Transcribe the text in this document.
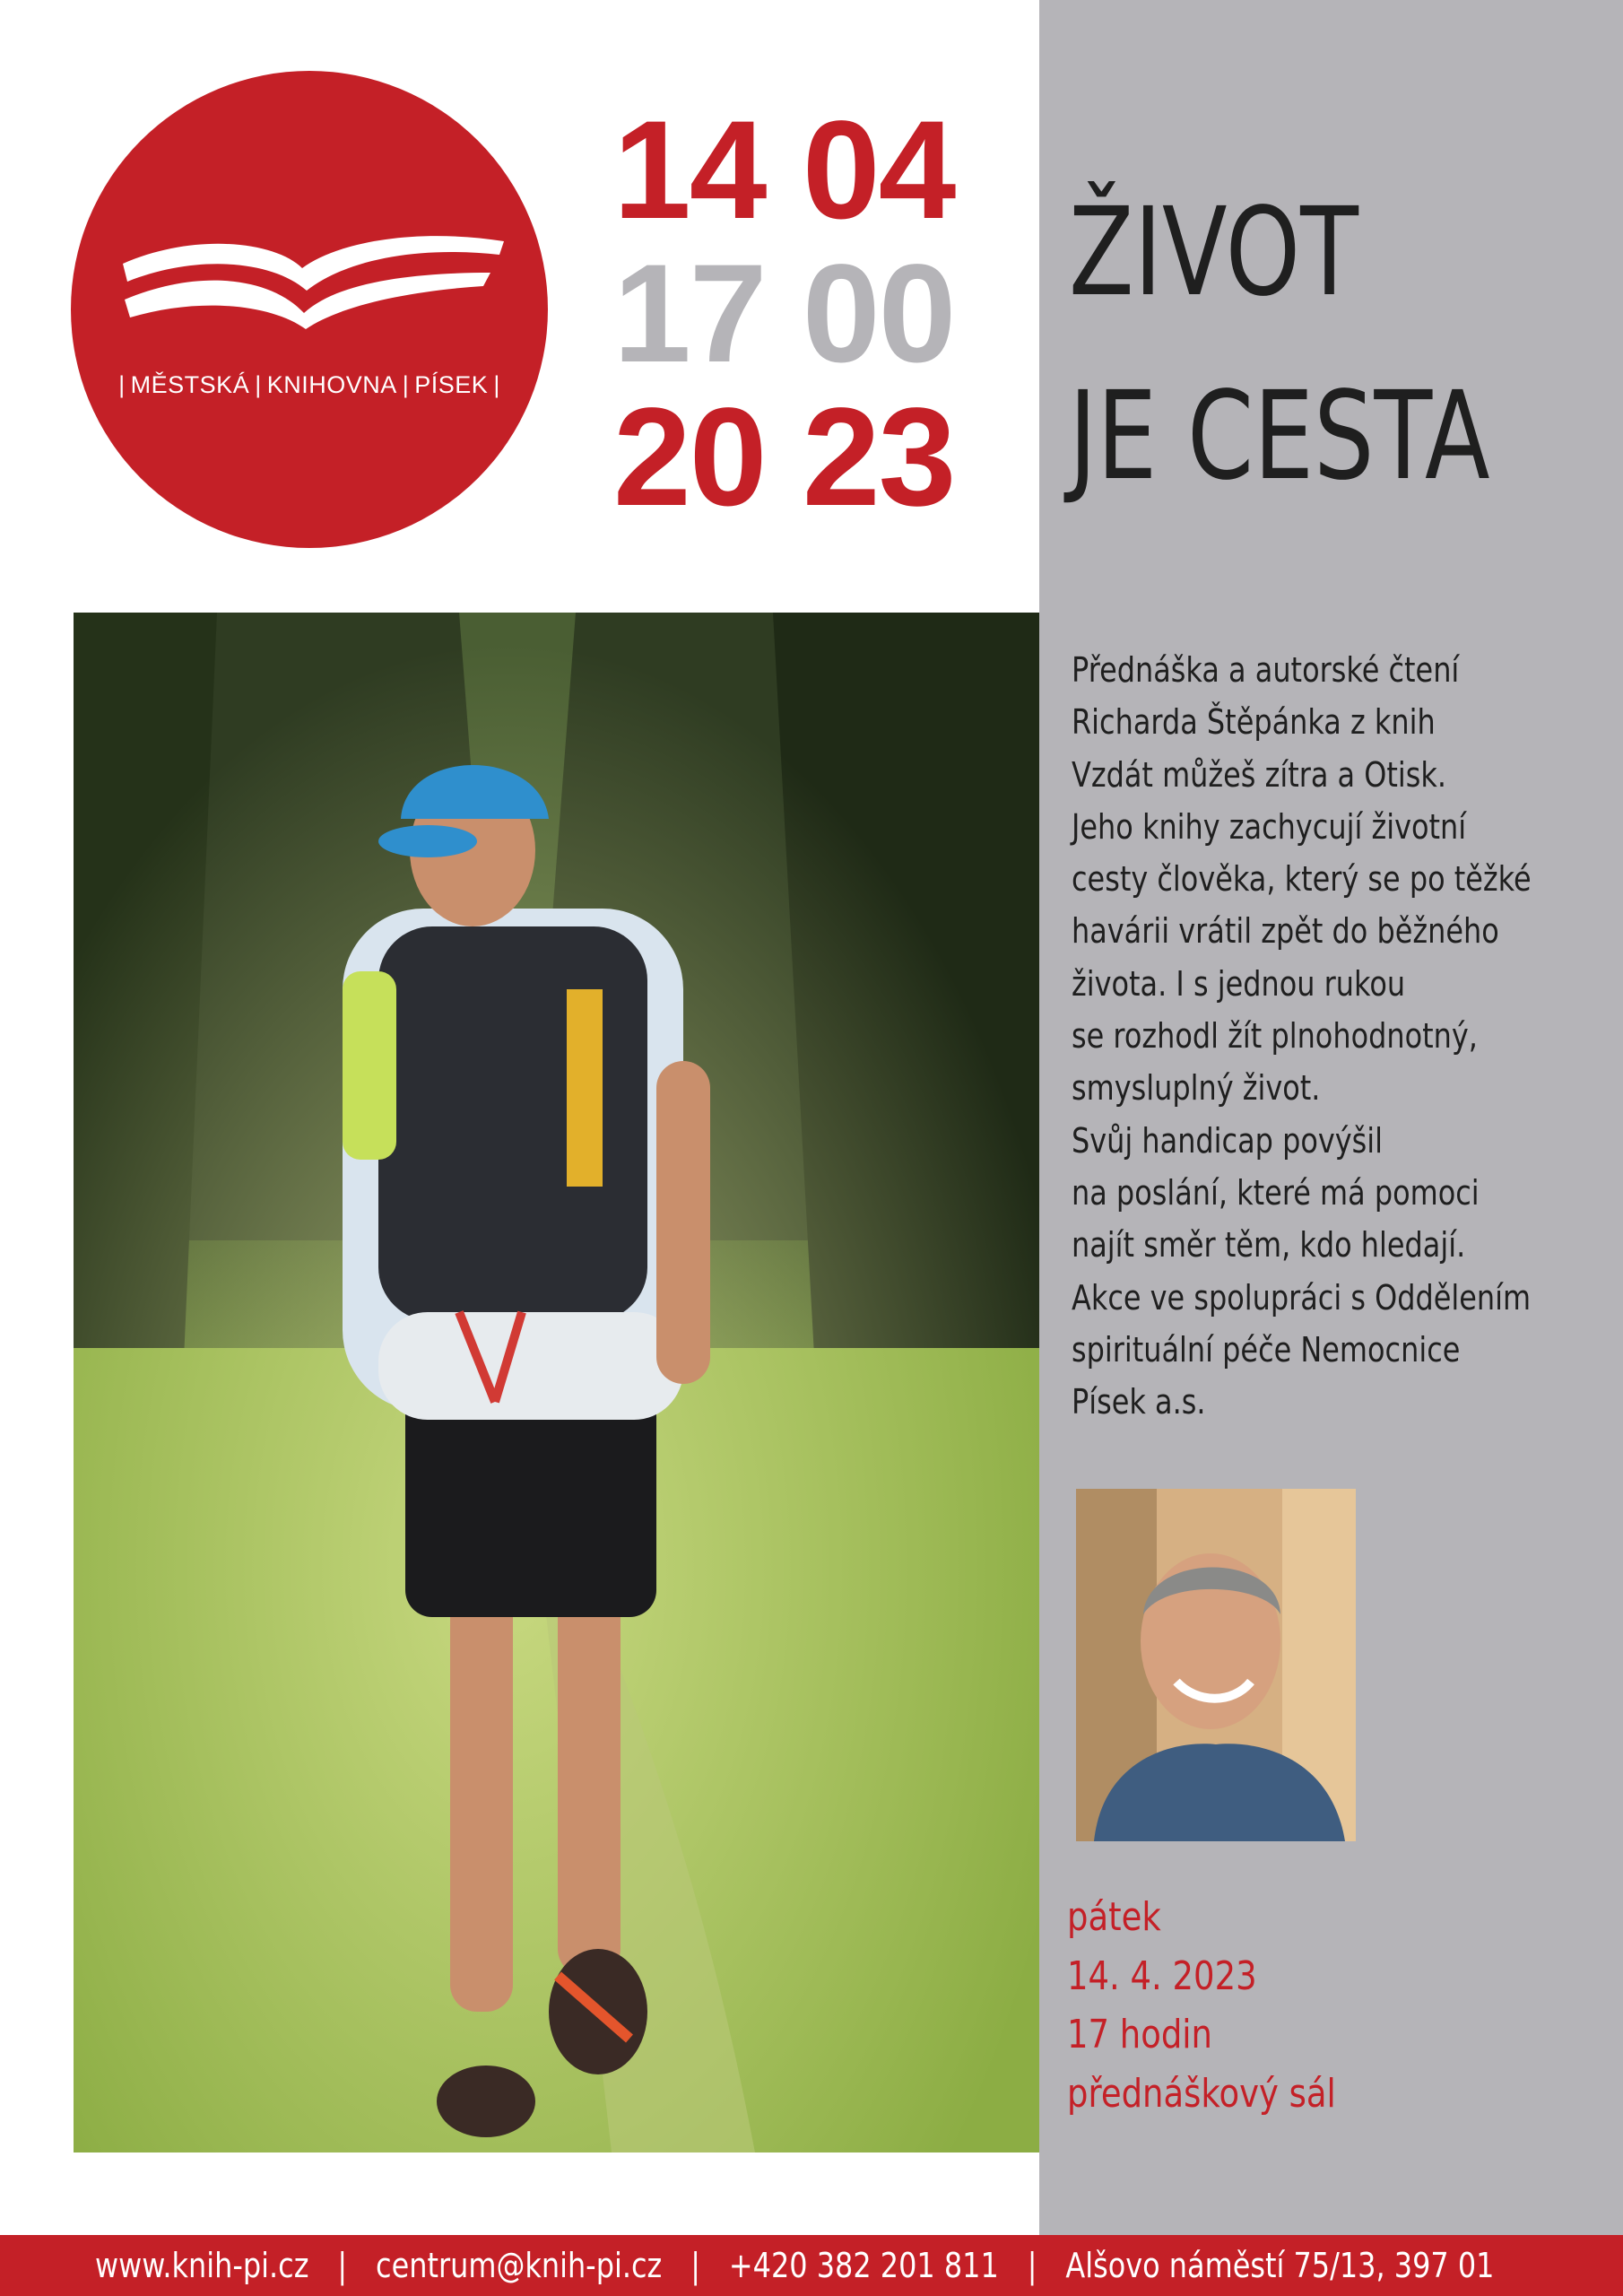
| MĚSTSKÁ | KNIHOVNA | PÍSEK |
14 04
17 00
20 23
ŽIVOT
JE CESTA
Přednáška a autorské čtení
Richarda Štěpánka z knih
Vzdát můžeš zítra a Otisk.
Jeho knihy zachycují životní
cesty člověka, který se po těžké
havárii vrátil zpět do běžného
života. I s jednou rukou
se rozhodl žít plnohodnotný,
smysluplný život.
Svůj handicap povýšil
na poslání, které má pomoci
najít směr těm, kdo hledají.
Akce ve spolupráci s Oddělením
spirituální péče Nemocnice
Písek a.s.
pátek
14. 4. 2023
17 hodin
přednáškový sál
www.knih-pi.cz | centrum@knih-pi.cz | +420 382 201 811 | Alšovo náměstí 75/13, 397 01
